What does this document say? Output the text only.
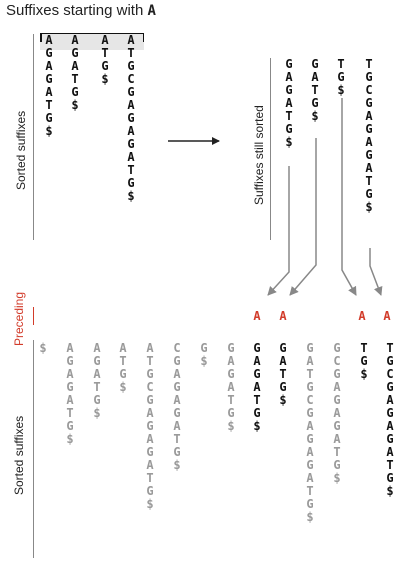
Suffixes starting with A
Sorted suffixes	Suffixes still sorted
Preceding
Sorted suffixes
A
G
A
G
A
T
G
$
A
G
A
T
G
$
A
T
G
$
A
T
G
C
G
A
G
A
G
A
T
G
$
G
A
G
A
T
G
$
G
A
T
G
$
T
G
$
T
G
C
G
A
G
A
G
A
T
G
$
A A	A A
$ A
G
A
G
A
T
G
$
A
G
A
T
G
$
A
T
G
$
A
T
G
C
G
A
G
A
G
A
T
G
$
C
G
A
G
A
G
A
T
G
$
G
$
G
A
G
A
T
G
$
G
A
G
A
T
G
$
G
A
T
G
$
G
A
T
G
C
G
A
G
A
G
A
T
G
$
G
C
G
A
G
A
G
A
T
G
$
T
G
$
T
G
C
G
A
G
A
G
A
T
G
$
